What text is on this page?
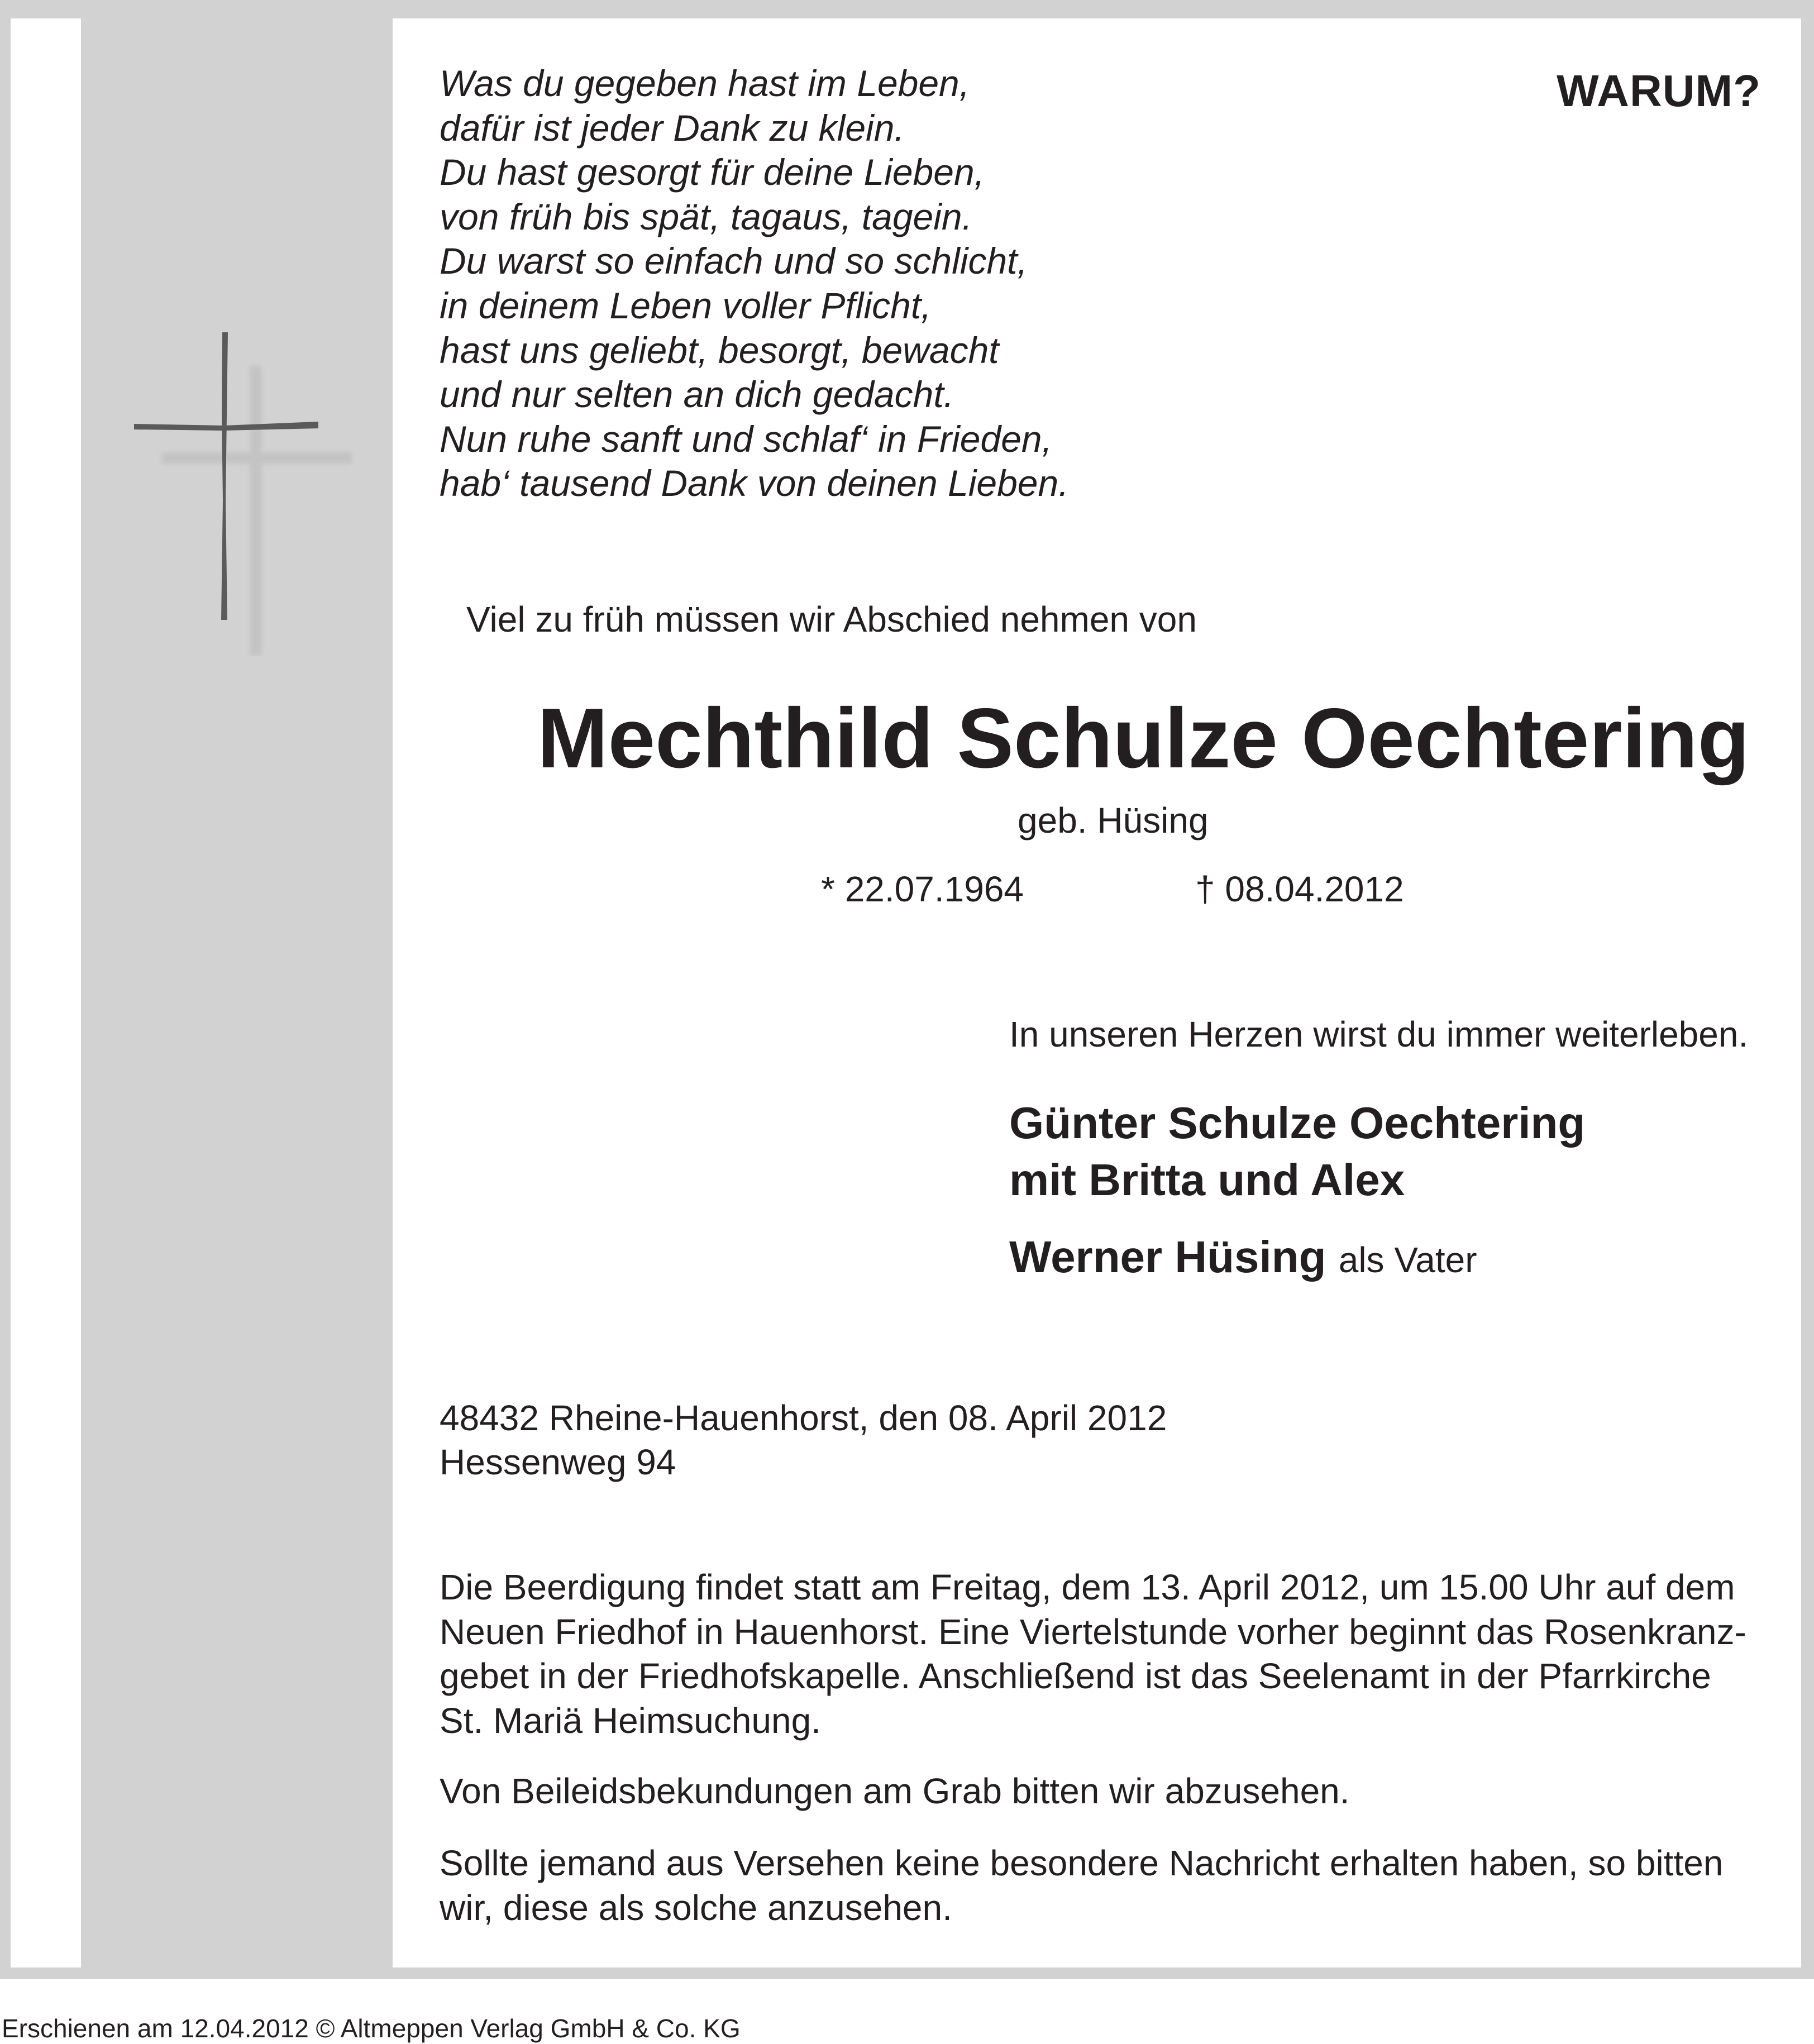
Was du gegeben hast im Leben,
dafür ist jeder Dank zu klein.
Du hast gesorgt für deine Lieben,
von früh bis spät, tagaus, tagein.
Du warst so einfach und so schlicht,
in deinem Leben voller Pflicht,
hast uns geliebt, besorgt, bewacht
und nur selten an dich gedacht.
Nun ruhe sanft und schlaf‘ in Frieden,
hab‘ tausend Dank von deinen Lieben.
WARUM?
Viel zu früh müssen wir Abschied nehmen von
Mechthild Schulze Oechtering
geb. Hüsing
* 22.07.1964	† 08.04.2012
In unseren Herzen wirst du immer weiterleben.
Günter Schulze Oechtering
mit Britta und Alex
Werner Hüsing als Vater
48432 Rheine-Hauenhorst, den 08. April 2012
Hessenweg 94
Die Beerdigung findet statt am Freitag, dem 13. April 2012, um 15.00 Uhr auf dem
Neuen Friedhof in Hauenhorst. Eine Viertelstunde vorher beginnt das Rosenkranz-
gebet in der Friedhofskapelle. Anschließend ist das Seelenamt in der Pfarrkirche
St. Mariä Heimsuchung.
Von Beileidsbekundungen am Grab bitten wir abzusehen.
Sollte jemand aus Versehen keine besondere Nachricht erhalten haben, so bitten
wir, diese als solche anzusehen.
Erschienen am 12.04.2012 © Altmeppen Verlag GmbH & Co. KG
